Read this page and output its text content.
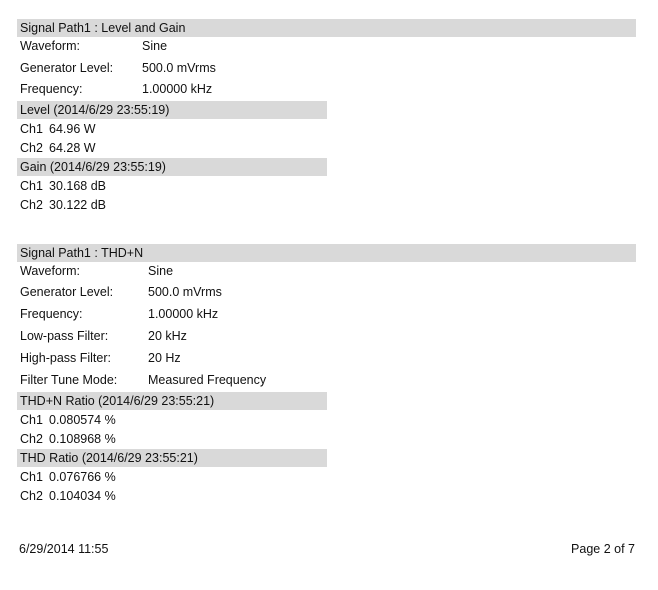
Signal Path1 : Level and Gain
Waveform:	Sine
Generator Level: 500.0 mVrms
Frequency:	1.00000 kHz
Level (2014/6/29 23:55:19)
Ch1 64.96 W
Ch2 64.28 W
Gain (2014/6/29 23:55:19)
Ch1 30.168 dB
Ch2 30.122 dB
Signal Path1 : THD+N
Waveform:	Sine
Generator Level:	500.0 mVrms
Frequency:	1.00000 kHz
Low-pass Filter:	20 kHz
High-pass Filter:	20 Hz
Filter Tune Mode: Measured Frequency
THD+N Ratio (2014/6/29 23:55:21)
Ch1 0.080574 %
Ch2 0.108968 %
THD Ratio (2014/6/29 23:55:21)
Ch1 0.076766 %
Ch2 0.104034 %
6/29/2014 11:55	Page 2 of 7
